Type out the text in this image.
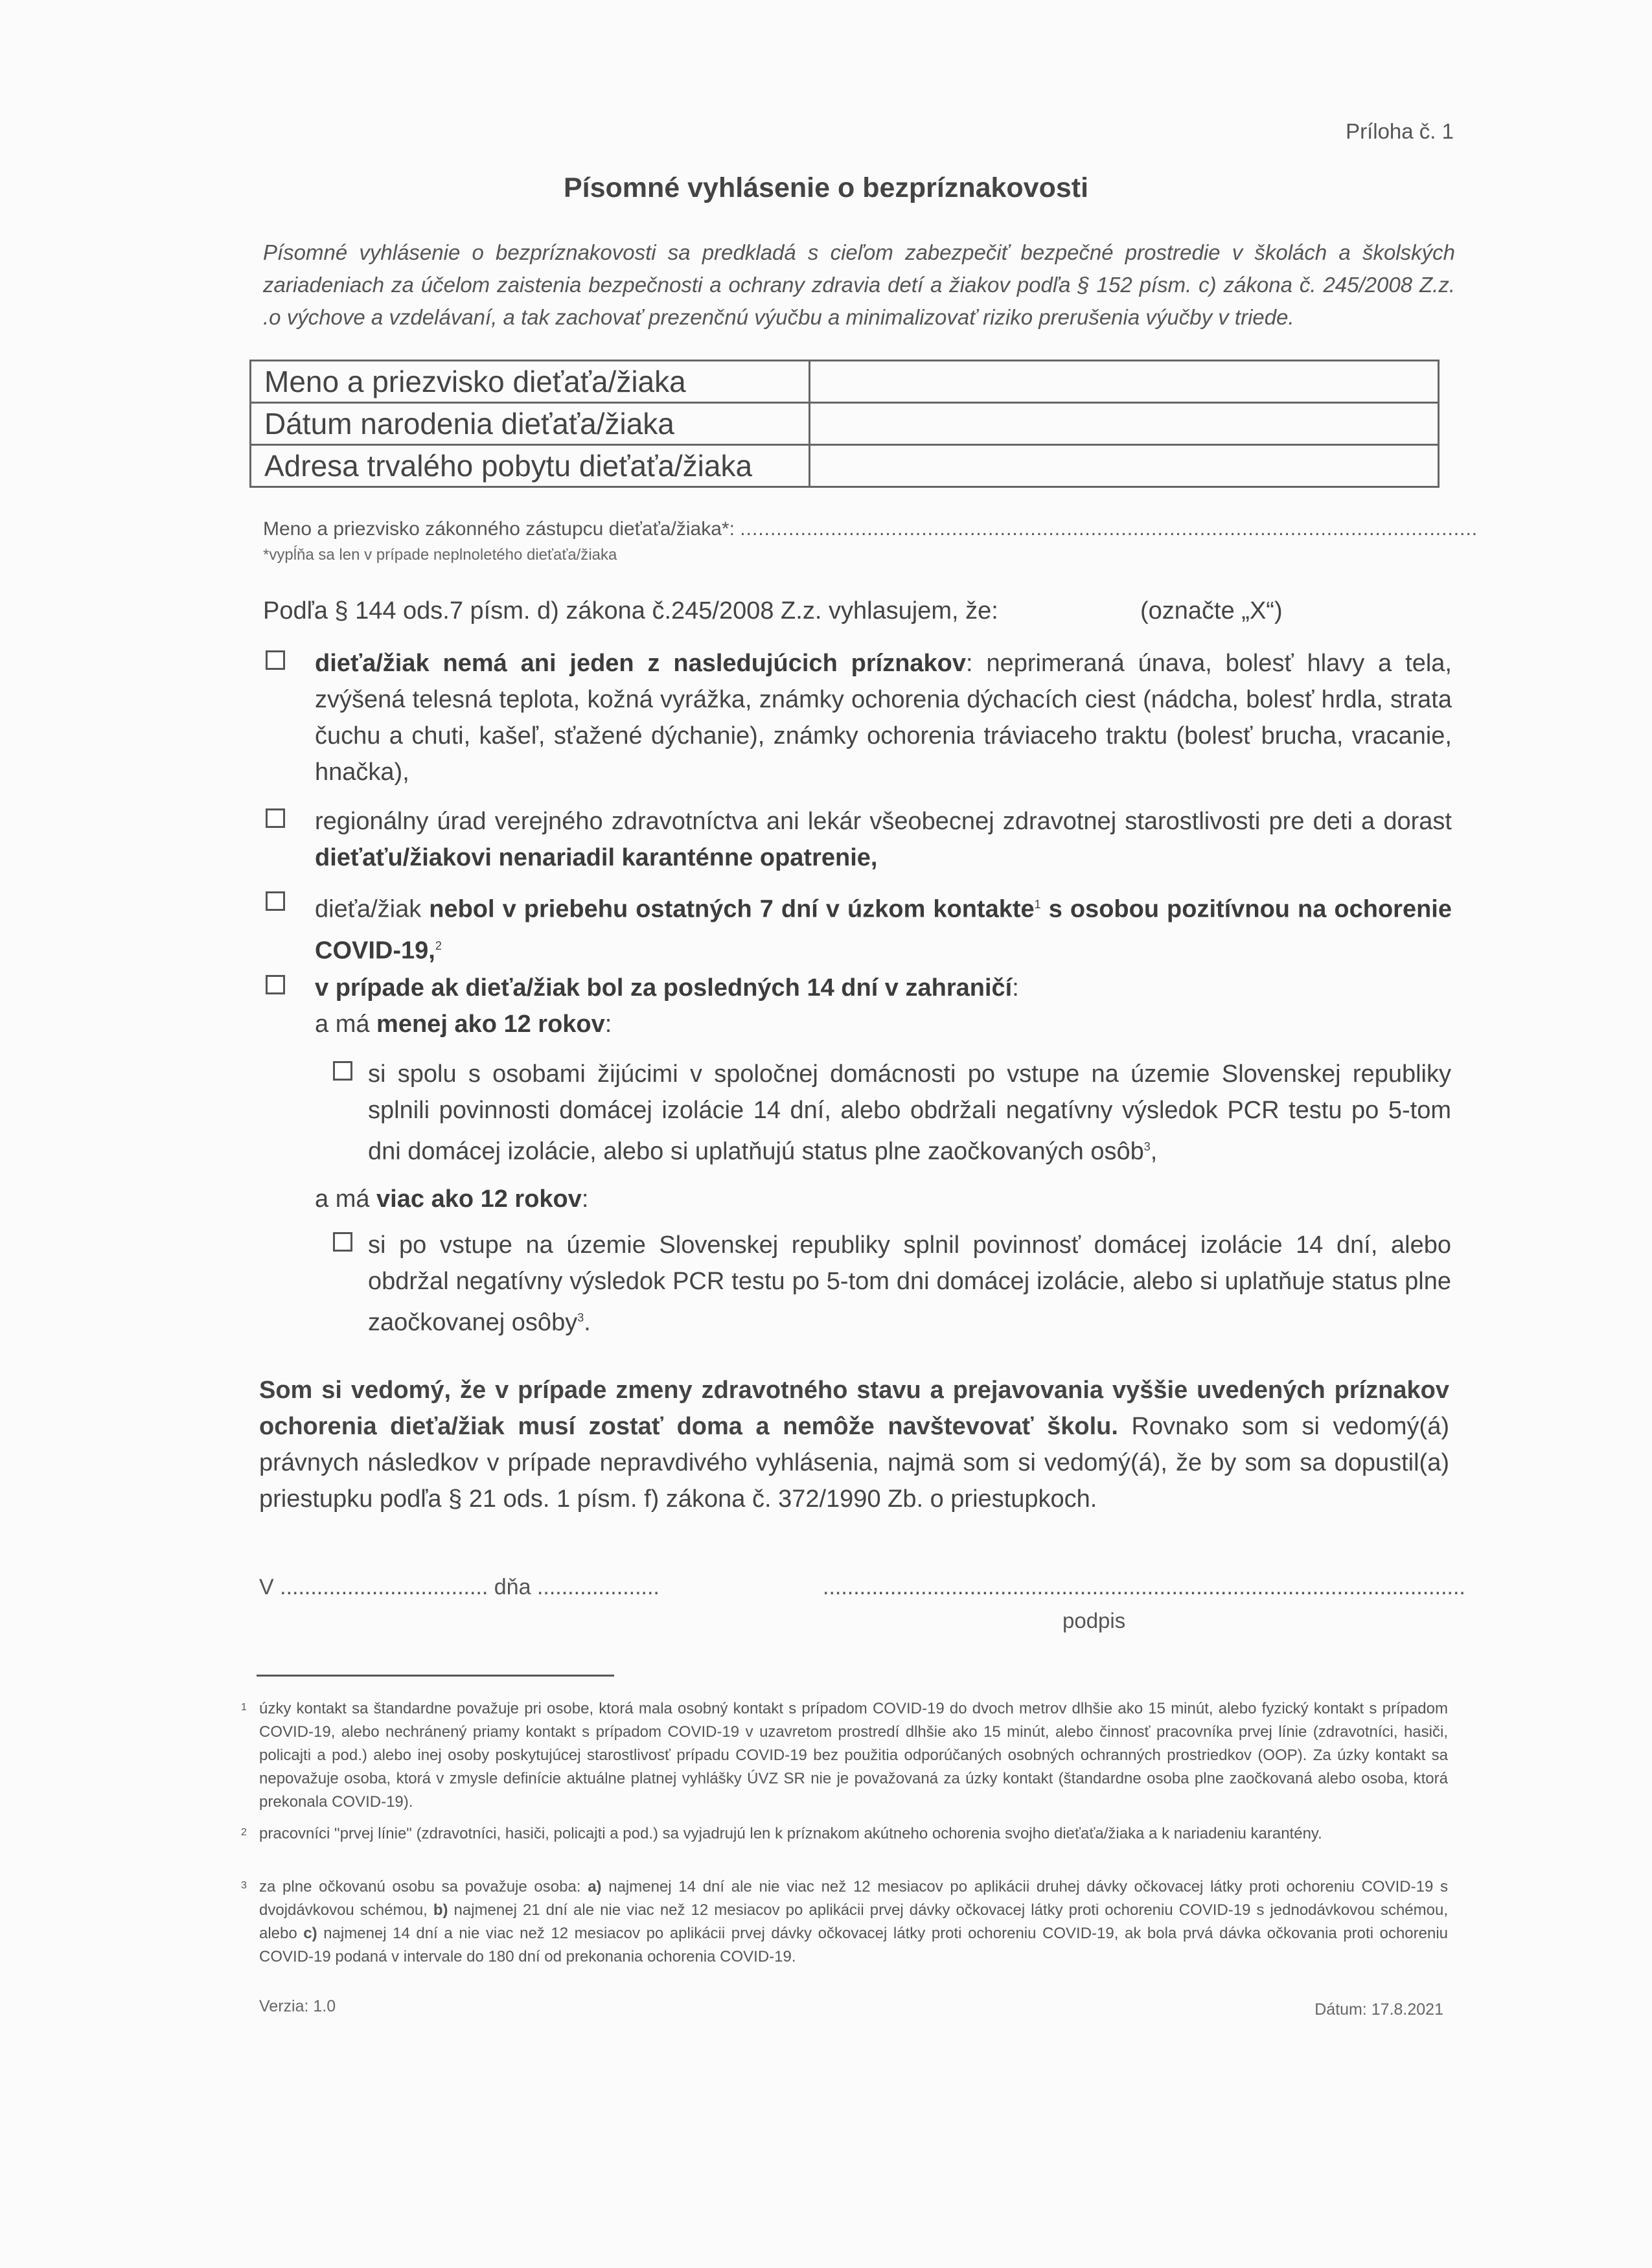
Príloha č. 1
Písomné vyhlásenie o bezpríznakovosti
Písomné vyhlásenie o bezpríznakovosti sa predkladá s cieľom zabezpečiť bezpečné prostredie v školách a školských zariadeniach za účelom zaistenia bezpečnosti a ochrany zdravia detí a žiakov podľa § 152 písm. c) zákona č. 245/2008 Z.z. .o výchove a vzdelávaní, a tak zachovať prezenčnú výučbu a minimalizovať riziko prerušenia výučby v triede.
Meno a priezvisko dieťaťa/žiaka	
Dátum narodenia dieťaťa/žiaka	
Adresa trvalého pobytu dieťaťa/žiaka	
Meno a priezvisko zákonného zástupcu dieťaťa/žiaka*: ..........................................................................................................................
*vypĺňa sa len v prípade neplnoletého dieťaťa/žiaka
Podľa § 144 ods.7 písm. d) zákona č.245/2008 Z.z. vyhlasujem, že:	(označte „X“)
dieťa/žiak nemá ani jeden z nasledujúcich príznakov: neprimeraná únava, bolesť hlavy a tela, zvýšená telesná teplota, kožná vyrážka, známky ochorenia dýchacích ciest (nádcha, bolesť hrdla, strata čuchu a chuti, kašeľ, sťažené dýchanie), známky ochorenia tráviaceho traktu (bolesť brucha, vracanie, hnačka),
regionálny úrad verejného zdravotníctva ani lekár všeobecnej zdravotnej starostlivosti pre deti a dorast dieťaťu/žiakovi nenariadil karanténne opatrenie,
dieťa/žiak nebol v priebehu ostatných 7 dní v úzkom kontakte$^1$ s osobou pozitívnou na ochorenie COVID-19,$^2$
v prípade ak dieťa/žiak bol za posledných 14 dní v zahraničí:
a má menej ako 12 rokov:
si spolu s osobami žijúcimi v spoločnej domácnosti po vstupe na územie Slovenskej republiky splnili povinnosti domácej izolácie 14 dní, alebo obdržali negatívny výsledok PCR testu po 5-tom dni domácej izolácie, alebo si uplatňujú status plne zaočkovaných osôb$^3$,
a má viac ako 12 rokov:
si po vstupe na územie Slovenskej republiky splnil povinnosť domácej izolácie 14 dní, alebo obdržal negatívny výsledok PCR testu po 5-tom dni domácej izolácie, alebo si uplatňuje status plne zaočkovanej osôby$^3$.
Som si vedomý, že v prípade zmeny zdravotného stavu a prejavovania vyššie uvedených príznakov ochorenia dieťa/žiak musí zostať doma a nemôže navštevovať školu. Rovnako som si vedomý(á) právnych následkov v prípade nepravdivého vyhlásenia, najmä som si vedomý(á), že by som sa dopustil(a) priestupku podľa § 21 ods. 1 písm. f) zákona č. 372/1990 Zb. o priestupkoch.
V .................................. dňa ....................	.........................................................................................................
podpis
1 úzky kontakt sa štandardne považuje pri osobe, ktorá mala osobný kontakt s prípadom COVID-19 do dvoch metrov dlhšie ako 15 minút, alebo fyzický kontakt s prípadom COVID-19, alebo nechránený priamy kontakt s prípadom COVID-19 v uzavretom prostredí dlhšie ako 15 minút, alebo činnosť pracovníka prvej línie (zdravotníci, hasiči, policajti a pod.) alebo inej osoby poskytujúcej starostlivosť prípadu COVID-19 bez použitia odporúčaných osobných ochranných prostriedkov (OOP). Za úzky kontakt sa nepovažuje osoba, ktorá v zmysle definície aktuálne platnej vyhlášky ÚVZ SR nie je považovaná za úzky kontakt (štandardne osoba plne zaočkovaná alebo osoba, ktorá prekonala COVID-19).
2 pracovníci "prvej línie" (zdravotníci, hasiči, policajti a pod.) sa vyjadrujú len k príznakom akútneho ochorenia svojho dieťaťa/žiaka a k nariadeniu karantény.
3 za plne očkovanú osobu sa považuje osoba: a) najmenej 14 dní ale nie viac než 12 mesiacov po aplikácii druhej dávky očkovacej látky proti ochoreniu COVID-19 s dvojdávkovou schémou, b) najmenej 21 dní ale nie viac než 12 mesiacov po aplikácii prvej dávky očkovacej látky proti ochoreniu COVID-19 s jednodávkovou schémou, alebo c) najmenej 14 dní a nie viac než 12 mesiacov po aplikácii prvej dávky očkovacej látky proti ochoreniu COVID-19, ak bola prvá dávka očkovania proti ochoreniu COVID-19 podaná v intervale do 180 dní od prekonania ochorenia COVID-19.
Verzia: 1.0	Dátum: 17.8.2021
